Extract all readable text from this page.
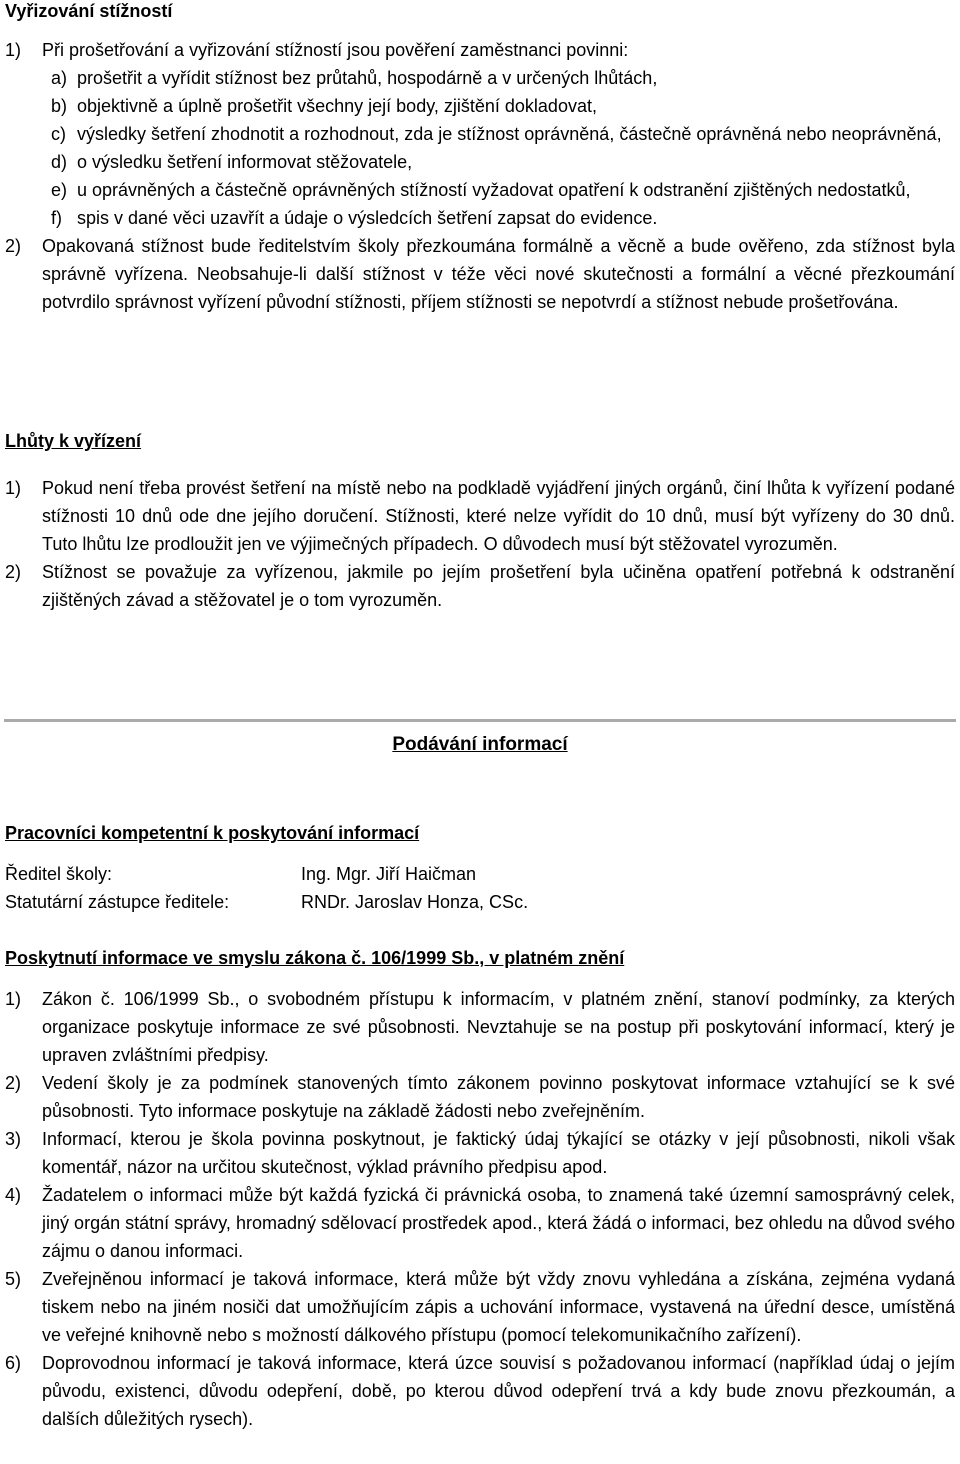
Vyřizování stížností
1) Při prošetřování a vyřizování stížností jsou pověření zaměstnanci povinni:
a) prošetřit a vyřídit stížnost bez průtahů, hospodárně a v určených lhůtách,
b) objektivně a úplně prošetřit všechny její body, zjištění dokladovat,
c) výsledky šetření zhodnotit a rozhodnout, zda je stížnost oprávněná, částečně oprávněná nebo neoprávněná,
d) o výsledku šetření informovat stěžovatele,
e) u oprávněných a částečně oprávněných stížností vyžadovat opatření k odstranění zjištěných nedostatků,
f) spis v dané věci uzavřít a údaje o výsledcích šetření zapsat do evidence.
2) Opakovaná stížnost bude ředitelstvím školy přezkoumána formálně a věcně a bude ověřeno, zda stížnost byla správně vyřízena. Neobsahuje-li další stížnost v téže věci nové skutečnosti a formální a věcné přezkoumání potvrdilo správnost vyřízení původní stížnosti, příjem stížnosti se nepotvrdí a stížnost nebude prošetřována.
Lhůty k vyřízení
1) Pokud není třeba provést šetření na místě nebo na podkladě vyjádření jiných orgánů, činí lhůta k vyřízení podané stížnosti 10 dnů ode dne jejího doručení. Stížnosti, které nelze vyřídit do 10 dnů, musí být vyřízeny do 30 dnů. Tuto lhůtu lze prodloužit jen ve výjimečných případech. O důvodech musí být stěžovatel vyrozuměn.
2) Stížnost se považuje za vyřízenou, jakmile po jejím prošetření byla učiněna opatření potřebná k odstranění zjištěných závad a stěžovatel je o tom vyrozuměn.
Podávání informací
Pracovníci kompetentní k poskytování informací
Ředitel školy:	Ing. Mgr. Jiří Haičman
Statutární zástupce ředitele:	RNDr. Jaroslav Honza, CSc.
Poskytnutí informace ve smyslu zákona č. 106/1999 Sb., v platném znění
1) Zákon č. 106/1999 Sb., o svobodném přístupu k informacím, v platném znění, stanoví podmínky, za kterých organizace poskytuje informace ze své působnosti. Nevztahuje se na postup při poskytování informací, který je upraven zvláštními předpisy.
2) Vedení školy je za podmínek stanovených tímto zákonem povinno poskytovat informace vztahující se k své působnosti. Tyto informace poskytuje na základě žádosti nebo zveřejněním.
3) Informací, kterou je škola povinna poskytnout, je faktický údaj týkající se otázky v její působnosti, nikoli však komentář, názor na určitou skutečnost, výklad právního předpisu apod.
4) Žadatelem o informaci může být každá fyzická či právnická osoba, to znamená také územní samosprávný celek, jiný orgán státní správy, hromadný sdělovací prostředek apod., která žádá o informaci, bez ohledu na důvod svého zájmu o danou informaci.
5) Zveřejněnou informací je taková informace, která může být vždy znovu vyhledána a získána, zejména vydaná tiskem nebo na jiném nosiči dat umožňujícím zápis a uchování informace, vystavená na úřední desce, umístěná ve veřejné knihovně nebo s možností dálkového přístupu (pomocí telekomunikačního zařízení).
6) Doprovodnou informací je taková informace, která úzce souvisí s požadovanou informací (například údaj o jejím původu, existenci, důvodu odepření, době, po kterou důvod odepření trvá a kdy bude znovu přezkoumán, a dalších důležitých rysech).
